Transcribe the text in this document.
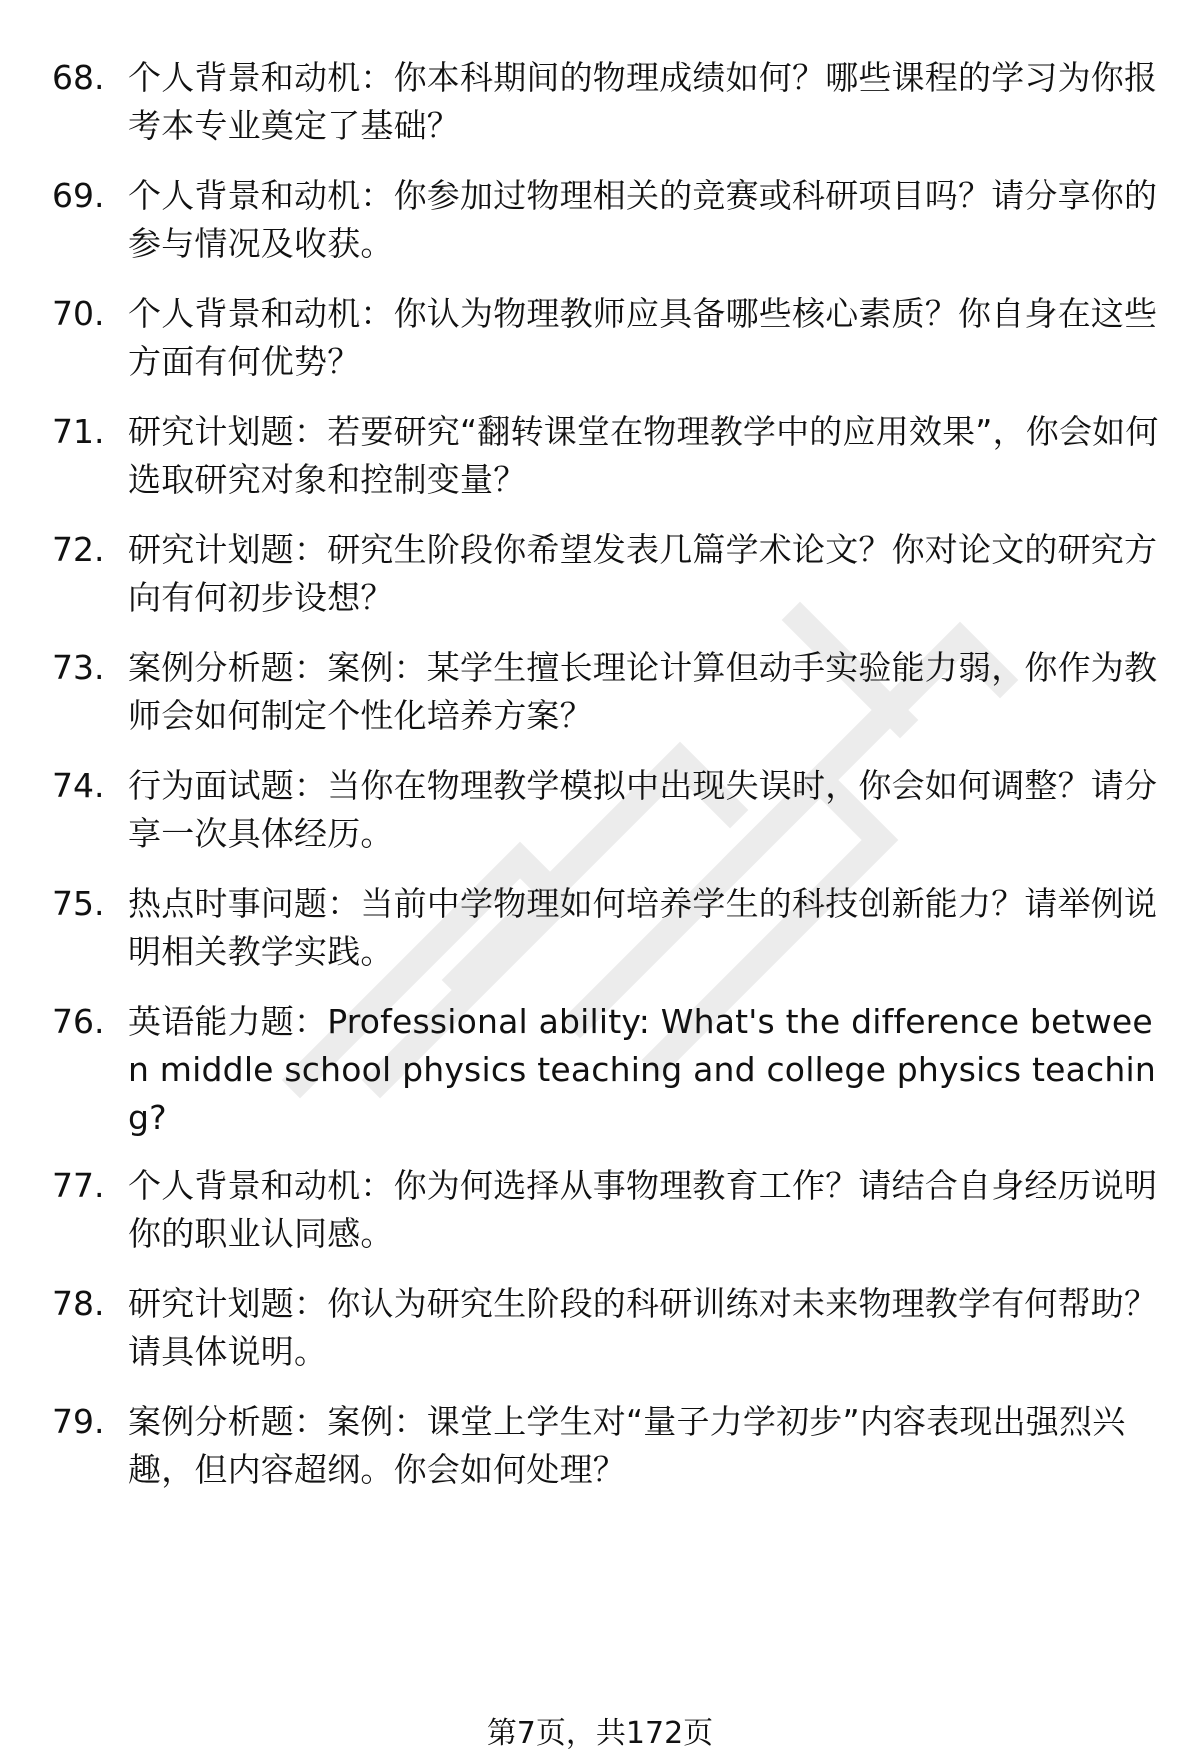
68. 个人背景和动机：你本科期间的物理成绩如何？哪些课程的学习为你报考本专业奠定了基础？
69. 个人背景和动机：你参加过物理相关的竞赛或科研项目吗？请分享你的参与情况及收获。
70. 个人背景和动机：你认为物理教师应具备哪些核心素质？你自身在这些方面有何优势？
71. 研究计划题：若要研究“翻转课堂在物理教学中的应用效果”，你会如何选取研究对象和控制变量？
72. 研究计划题：研究生阶段你希望发表几篇学术论文？你对论文的研究方向有何初步设想？
73. 案例分析题：案例：某学生擅长理论计算但动手实验能力弱，你作为教师会如何制定个性化培养方案？
74. 行为面试题：当你在物理教学模拟中出现失误时，你会如何调整？请分享一次具体经历。
75. 热点时事问题：当前中学物理如何培养学生的科技创新能力？请举例说明相关教学实践。
76. 英语能力题：Professional ability: What's the difference between middle school physics teaching and college physics teaching?
77. 个人背景和动机：你为何选择从事物理教育工作？请结合自身经历说明你的职业认同感。
78. 研究计划题：你认为研究生阶段的科研训练对未来物理教学有何帮助？请具体说明。
79. 案例分析题：案例：课堂上学生对“量子力学初步”内容表现出强烈兴趣，但内容超纲。你会如何处理？
第7页，共172页
